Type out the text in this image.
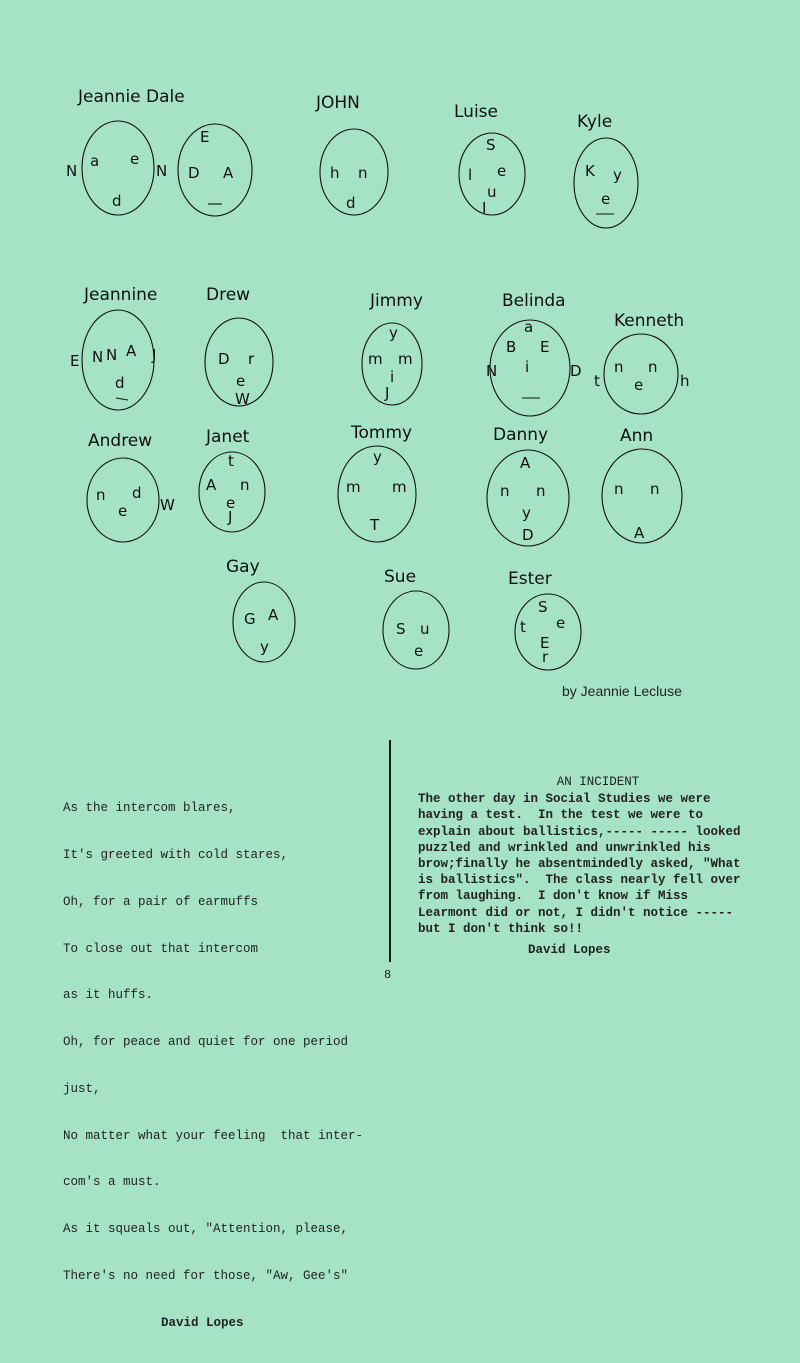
Jeannie Dale
N
a e
N
d
E
D A
JOHN
h n
d
Luise
S
l e
u
I
Kyle
K y
e
Jeannine
E N N A
d
J
Drew
D r
e
W
Jimmy
y
m m
i
J
Belinda
a
B E
i
N	D
Kenneth
n n
e
t	h
Andrew
n d
e W
Janet
t
A n
e
J
Tommy
y
m m
T
Danny
A
n n
y
D
Ann
n n
A
Gay
G A
y
Sue
S u
e
Ester
S
e
t
E
r
by Jeannie Lecluse

As the intercom blares,

It's greeted with cold stares,

Oh, for a pair of earmuffs

To close out that intercom

as it huffs.

Oh, for peace and quiet for one period

just,

No matter what your feeling  that inter-

com's a must.

As it squeals out, "Attention, please,

There's no need for those, "Aw, Gee's"

David Lopes

AN INCIDENT
The other day in Social Studies we were having a test.  In the test we were to explain about ballistics,----- ----- looked puzzled and wrinkled and unwrinkled his brow;finally he absentmindedly asked, "What is ballistics".  The class nearly fell over from laughing.  I don't know if Miss Learmont did or not, I didn't notice ----- but I don't think so!!
David Lopes
8
